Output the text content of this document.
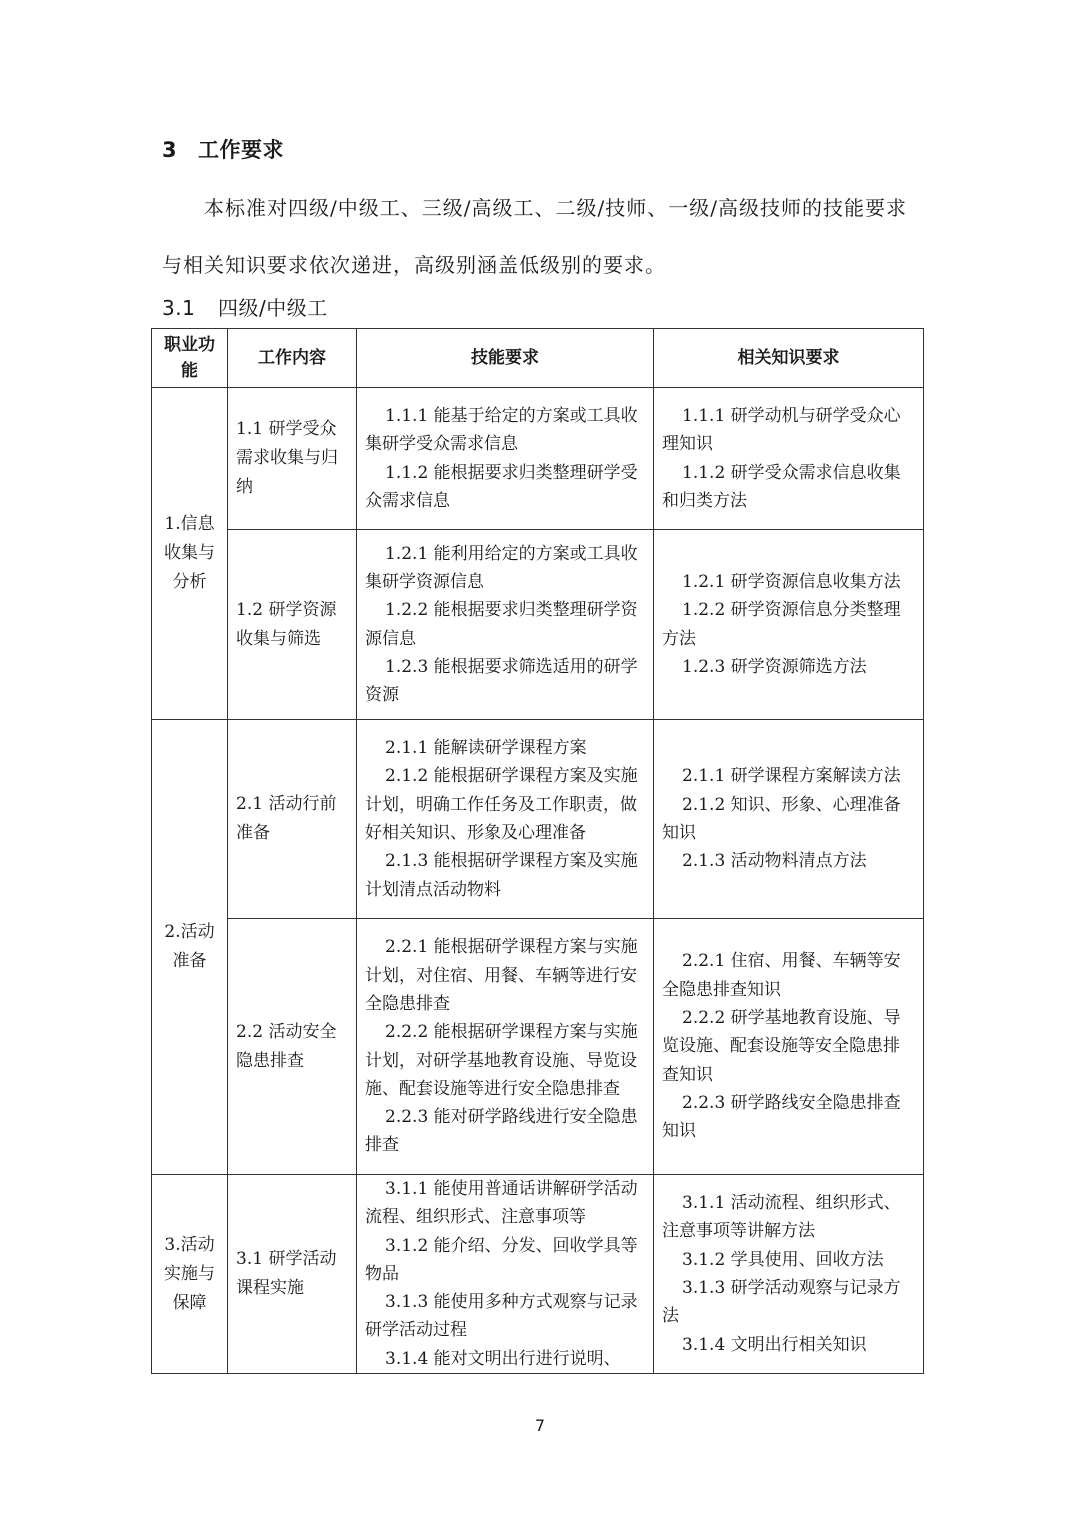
3 工作要求

本标准对四级/中级工、三级/高级工、二级/技师、一级/高级技师的技能要求与相关知识要求依次递进，高级别涵盖低级别的要求。

3.1 四级/中级工
职业功能	工作内容	技能要求	相关知识要求
1.信息收集与分析	1.1 研学受众需求收集与归纳	1.1.1 能基于给定的方案或工具收集研学受众需求信息
1.1.2 能根据要求归类整理研学受众需求信息	1.1.1 研学动机与研学受众心理知识
1.1.2 研学受众需求信息收集和归类方法

	1.2 研学资源收集与筛选	1.2.1 能利用给定的方案或工具收集研学资源信息
1.2.2 能根据要求归类整理研学资源信息
1.2.3 能根据要求筛选适用的研学资源	1.2.1 研学资源信息收集方法
1.2.2 研学资源信息分类整理方法
1.2.3 研学资源筛选方法

2.活动准备	2.1 活动行前准备	2.1.1 能解读研学课程方案
2.1.2 能根据研学课程方案及实施计划，明确工作任务及工作职责，做好相关知识、形象及心理准备
2.1.3 能根据研学课程方案及实施计划清点活动物料	2.1.1 研学课程方案解读方法
2.1.2 知识、形象、心理准备知识
2.1.3 活动物料清点方法

	2.2 活动安全隐患排查	2.2.1 能根据研学课程方案与实施计划，对住宿、用餐、车辆等进行安全隐患排查
2.2.2 能根据研学课程方案与实施计划，对研学基地教育设施、导览设施、配套设施等进行安全隐患排查
2.2.3 能对研学路线进行安全隐患排查	2.2.1 住宿、用餐、车辆等安全隐患排查知识
2.2.2 研学基地教育设施、导览设施、配套设施等安全隐患排查知识
2.2.3 研学路线安全隐患排查知识

3.活动实施与保障	3.1 研学活动课程实施	3.1.1 能使用普通话讲解研学活动流程、组织形式、注意事项等
3.1.2 能介绍、分发、回收学具等物品
3.1.3 能使用多种方式观察与记录研学活动过程
3.1.4 能对文明出行进行说明、	3.1.1 活动流程、组织形式、注意事项等讲解方法
3.1.2 学具使用、回收方法
3.1.3 研学活动观察与记录方法
3.1.4 文明出行相关知识
7
